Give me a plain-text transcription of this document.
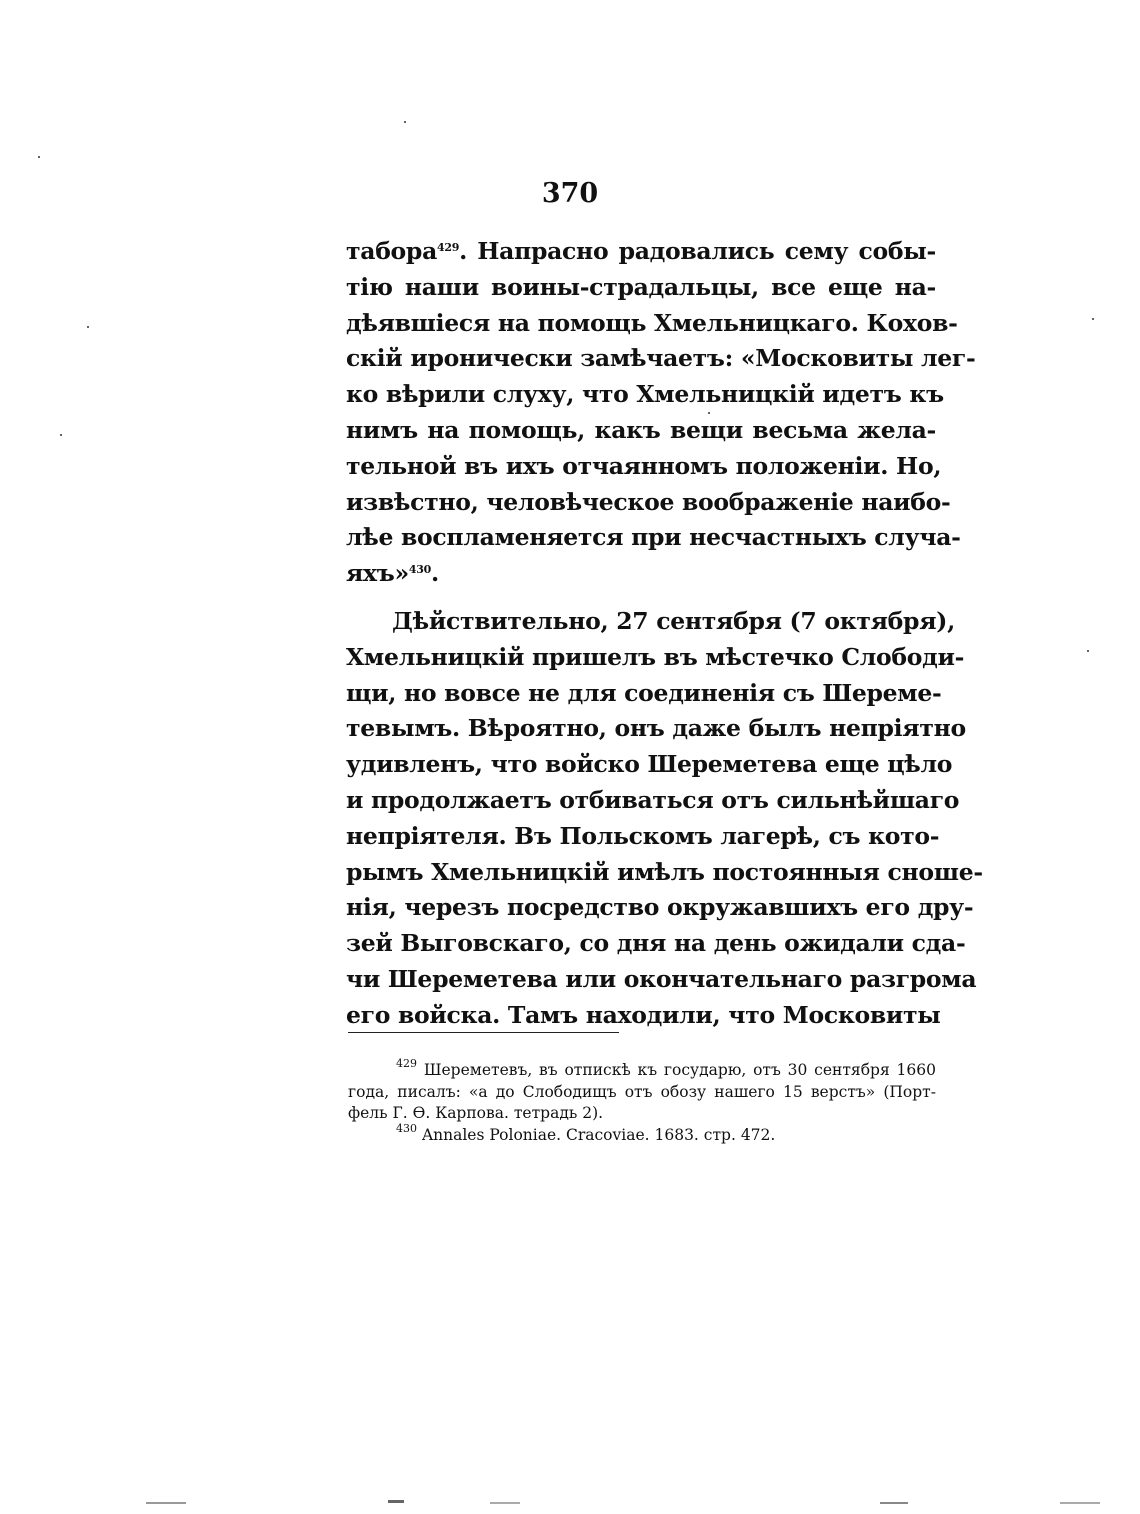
370
табора$^{429}$. Напрасно радовались сему собы-
тію наши воины-страдальцы, все еще на-
дѣявшіеся на помощь Хмельницкаго. Кохов-
скій иронически замѣчаетъ: «Московиты лег-
ко вѣрили слуху, что Хмельницкій идетъ къ
нимъ на помощь, какъ вещи весьма жела-
тельной въ ихъ отчаянномъ положеніи. Но,
извѣстно, человѣческое воображеніе наибо-
лѣе воспламеняется при несчастныхъ случа-
яхъ»$^{430}$.
Дѣйствительно, 27 сентября (7 октября),
Хмельницкій пришелъ въ мѣстечко Слободи-
щи, но вовсе не для соединенія съ Шереме-
тевымъ. Вѣроятно, онъ даже былъ непріятно
удивленъ, что войско Шереметева еще цѣло
и продолжаетъ отбиваться отъ сильнѣйшаго
непріятеля. Въ Польскомъ лагерѣ, съ кото-
рымъ Хмельницкій имѣлъ постоянныя сноше-
нія, черезъ посредство окружавшихъ его дру-
зей Выговскаго, со дня на день ожидали сда-
чи Шереметева или окончательнаго разгрома
его войска. Тамъ находили, что Московиты
$^{429}$ Шереметевъ, въ отпискѣ къ государю, отъ 30 сентября 1660
года, писалъ: «а до Слободищъ отъ обозу нашего 15 верстъ» (Порт-
фель Г. Ѳ. Карпова. тетрадь 2).
$^{430}$ Annales Poloniae. Cracoviae. 1683. стр. 472.
